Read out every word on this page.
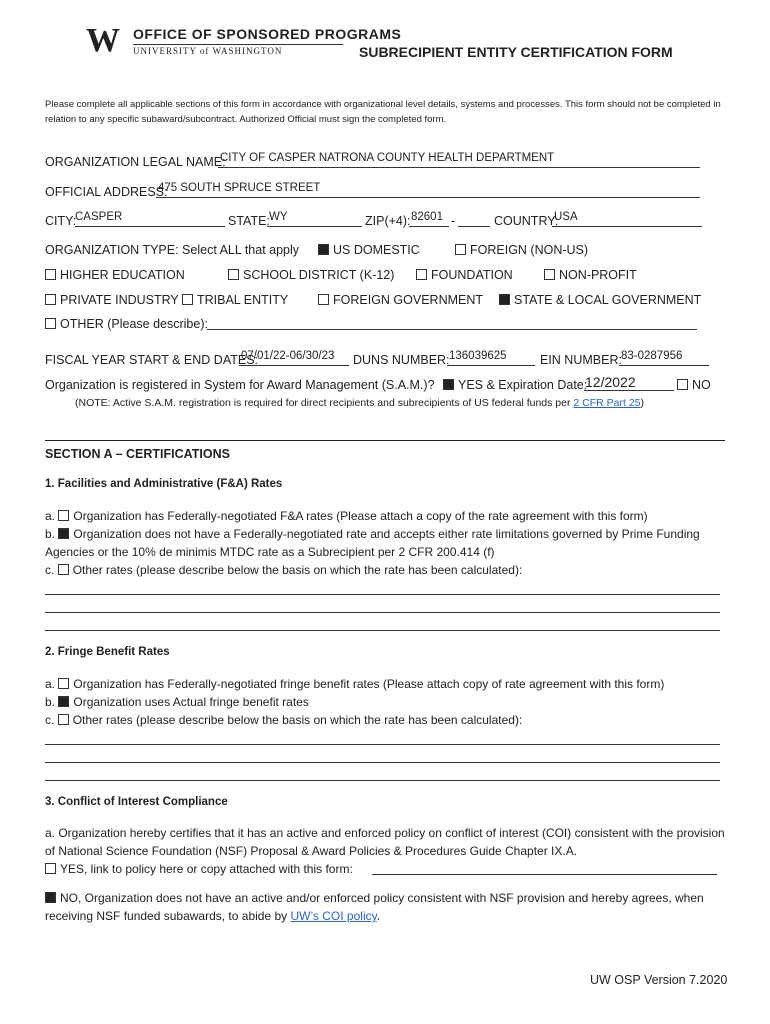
W OFFICE OF SPONSORED PROGRAMS
UNIVERSITY of WASHINGTON	SUBRECIPIENT ENTITY CERTIFICATION FORM
Please complete all applicable sections of this form in accordance with organizational level details, systems and processes. This form should not be completed in relation to any specific subaward/subcontract. Authorized Official must sign the completed form.
ORGANIZATION LEGAL NAME:
CITY OF CASPER NATRONA COUNTY HEALTH DEPARTMENT
OFFICIAL ADDRESS:
475 SOUTH SPRUCE STREET
CITY:
CASPER	STATE: WY	ZIP(+4): 82601 -	COUNTRY:
USA
ORGANIZATION TYPE: Select ALL that apply	US DOMESTIC	FOREIGN (NON-US)
HIGHER EDUCATION	SCHOOL DISTRICT (K-12)	FOUNDATION	NON-PROFIT
PRIVATE INDUSTRY	TRIBAL ENTITY	FOREIGN GOVERNMENT	STATE & LOCAL GOVERNMENT
OTHER (Please describe):
FISCAL YEAR START & END DATES:
07/01/22-06/30/23 DUNS NUMBER: 136039625	EIN NUMBER: 83-0287956
Organization is registered in System for Award Management (S.A.M.)?	YES & Expiration Date:
12/2022	NO
(NOTE: Active S.A.M. registration is required for direct recipients and subrecipients of US federal funds per 2 CFR Part 25)
SECTION A – CERTIFICATIONS
1. Facilities and Administrative (F&A) Rates
a. Organization has Federally-negotiated F&A rates (Please attach a copy of the rate agreement with this form)
b. Organization does not have a Federally-negotiated rate and accepts either rate limitations governed by Prime Funding Agencies or the 10% de minimis MTDC rate as a Subrecipient per 2 CFR 200.414 (f)
c. Other rates (please describe below the basis on which the rate has been calculated):
2. Fringe Benefit Rates
a. Organization has Federally-negotiated fringe benefit rates (Please attach copy of rate agreement with this form)
b. Organization uses Actual fringe benefit rates
c. Other rates (please describe below the basis on which the rate has been calculated):
3. Conflict of Interest Compliance
a. Organization hereby certifies that it has an active and enforced policy on conflict of interest (COI) consistent with the provision of National Science Foundation (NSF) Proposal & Award Policies & Procedures Guide Chapter IX.A.
YES, link to policy here or copy attached with this form:
NO, Organization does not have an active and/or enforced policy consistent with NSF provision and hereby agrees, when receiving NSF funded subawards, to abide by UW’s COI policy.
UW OSP Version 7.2020
